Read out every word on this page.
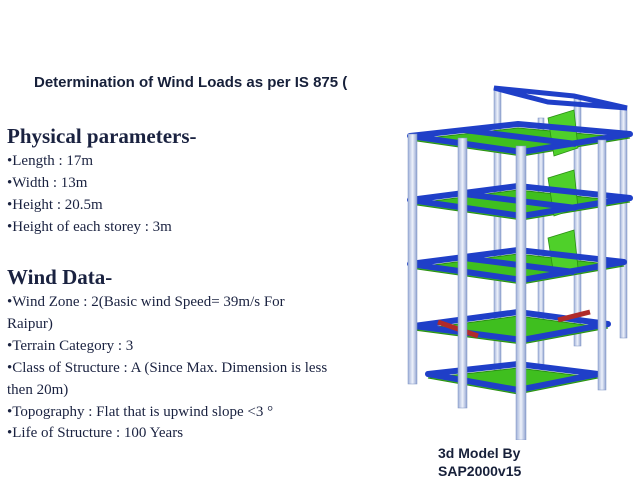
Determination of Wind Loads as per IS 875 (
Physical parameters-
•Length : 17m
•Width : 13m
•Height : 20.5m
•Height of each storey : 3m
Wind Data-
•Wind Zone : 2(Basic wind Speed= 39m/s For
Raipur)
•Terrain Category : 3
•Class of Structure : A (Since Max. Dimension is less
then 20m)
•Topography : Flat that is upwind slope <3 °
•Life of Structure : 100 Years
3d Model By
SAP2000v15
